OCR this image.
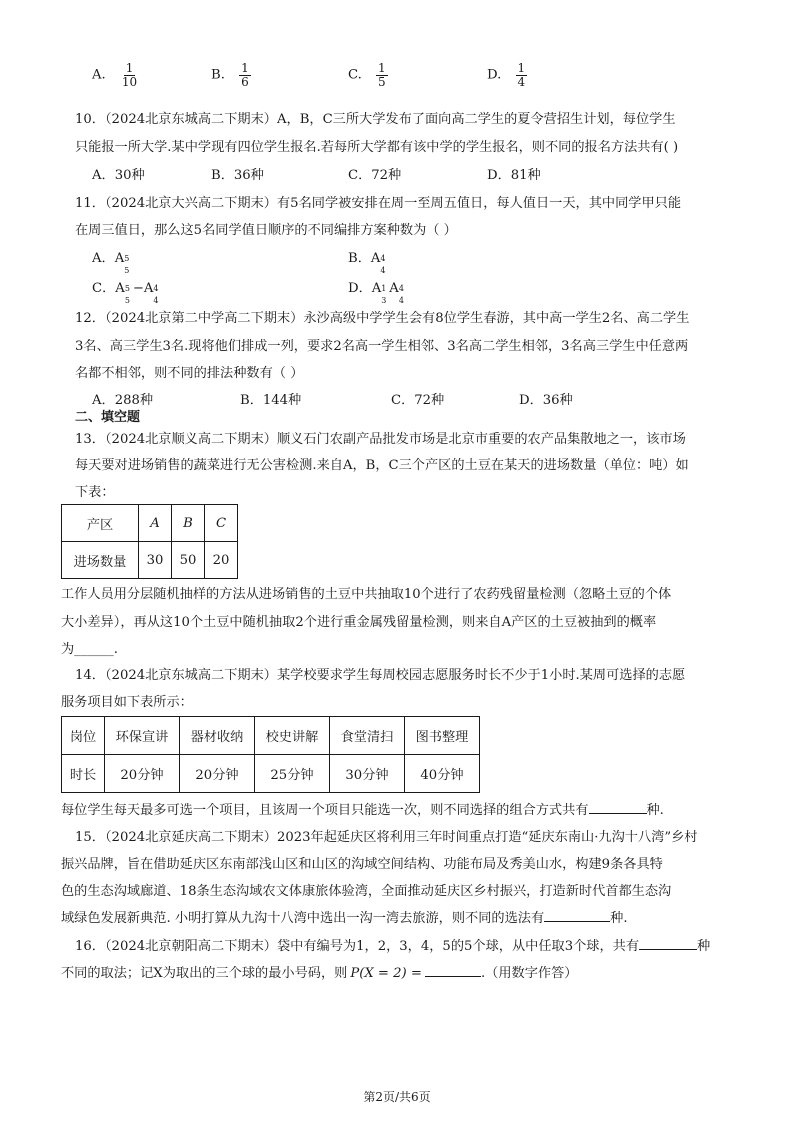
A. $\frac{1}{10}$	B. $\frac{1}{6}$	C. $\frac{1}{5}$	D. $\frac{1}{4}$
10．（2024北京东城高二下期末）A，B，C三所大学发布了面向高二学生的夏令营招生计划，每位学生
只能报一所大学.某中学现有四位学生报名.若每所大学都有该中学的学生报名，则不同的报名方法共有( )
A．30种	B．36种	C．72种	D．81种
11．（2024北京大兴高二下期末）有5名同学被安排在周一至周五值日，每人值日一天，其中同学甲只能
在周三值日，那么这5名同学值日顺序的不同编排方案种数为（ ）
A．A 5
5
B．A 4
4
C．A 5
5
−A 4
4
D．A 1
3
A 4
4
12．（2024北京第二中学高二下期末）永沙高级中学学生会有8位学生春游，其中高一学生2名、高二学生
3名、高三学生3名.现将他们排成一列，要求2名高一学生相邻、3名高二学生相邻，3名高三学生中任意两
名都不相邻，则不同的排法种数有（ ）
A．288种	B．144种	C．72种	D．36种
二、填空题
13．（2024北京顺义高二下期末）顺义石门农副产品批发市场是北京市重要的农产品集散地之一，该市场
每天要对进场销售的蔬菜进行无公害检测.来自A，B，C三个产区的土豆在某天的进场数量（单位：吨）如
下表：
产区	A	B	C
进场数量	30	50	20
工作人员用分层随机抽样的方法从进场销售的土豆中共抽取10个进行了农药残留量检测（忽略土豆的个体
大小差异），再从这10个土豆中随机抽取2个进行重金属残留量检测，则来自A产区的土豆被抽到的概率
为______.
14．（2024北京东城高二下期末）某学校要求学生每周校园志愿服务时长不少于1小时.某周可选择的志愿
服务项目如下表所示：
岗位	环保宣讲	器材收纳	校史讲解	食堂清扫	图书整理
时长	20分钟	20分钟	25分钟	30分钟	40分钟
每位学生每天最多可选一个项目，且该周一个项目只能选一次，则不同选择的组合方式共有	种.
15．（2024北京延庆高二下期末）2023年起延庆区将利用三年时间重点打造“延庆东南山·九沟十八湾”乡村
振兴品牌，旨在借助延庆区东南部浅山区和山区的沟域空间结构、功能布局及秀美山水，构建9条各具特
色的生态沟域廊道、18条生态沟域农文体康旅体验湾，全面推动延庆区乡村振兴，打造新时代首都生态沟
域绿色发展新典范. 小明打算从九沟十八湾中选出一沟一湾去旅游，则不同的选法有	种.
16．（2024北京朝阳高二下期末）袋中有编号为1，2，3，4，5的5个球，从中任取3个球，共有	种
不同的取法；记X为取出的三个球的最小号码，则 P(X = 2) =	.（用数字作答）
第2页/共6页
